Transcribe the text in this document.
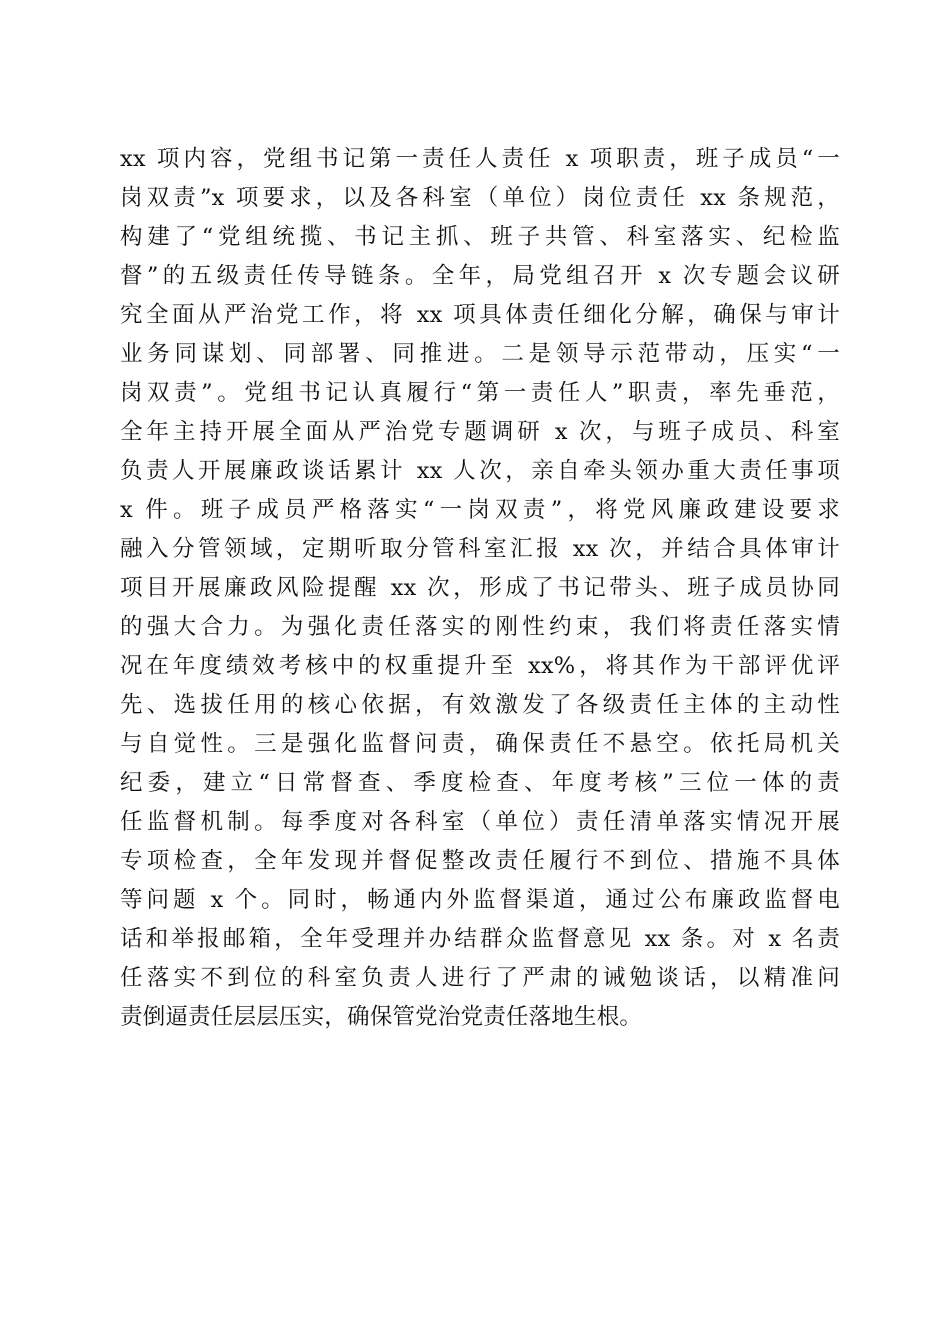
xx 项内容，党组书记第一责任人责任 x 项职责，班子成员“一
岗双责”x 项要求，以及各科室（单位）岗位责任 xx 条规范，
构建了“党组统揽、书记主抓、班子共管、科室落实、纪检监
督”的五级责任传导链条。全年，局党组召开 x 次专题会议研
究全面从严治党工作，将 xx 项具体责任细化分解，确保与审计
业务同谋划、同部署、同推进。二是领导示范带动，压实“一
岗双责”。党组书记认真履行“第一责任人”职责，率先垂范，
全年主持开展全面从严治党专题调研 x 次，与班子成员、科室
负责人开展廉政谈话累计 xx 人次，亲自牵头领办重大责任事项
x 件。班子成员严格落实“一岗双责”，将党风廉政建设要求
融入分管领域，定期听取分管科室汇报 xx 次，并结合具体审计
项目开展廉政风险提醒 xx 次，形成了书记带头、班子成员协同
的强大合力。为强化责任落实的刚性约束，我们将责任落实情
况在年度绩效考核中的权重提升至 xx%，将其作为干部评优评
先、选拔任用的核心依据，有效激发了各级责任主体的主动性
与自觉性。三是强化监督问责，确保责任不悬空。依托局机关
纪委，建立“日常督查、季度检查、年度考核”三位一体的责
任监督机制。每季度对各科室（单位）责任清单落实情况开展
专项检查，全年发现并督促整改责任履行不到位、措施不具体
等问题 x 个。同时，畅通内外监督渠道，通过公布廉政监督电
话和举报邮箱，全年受理并办结群众监督意见 xx 条。对 x 名责
任落实不到位的科室负责人进行了严肃的诫勉谈话，以精准问
责倒逼责任层层压实，确保管党治党责任落地生根。
